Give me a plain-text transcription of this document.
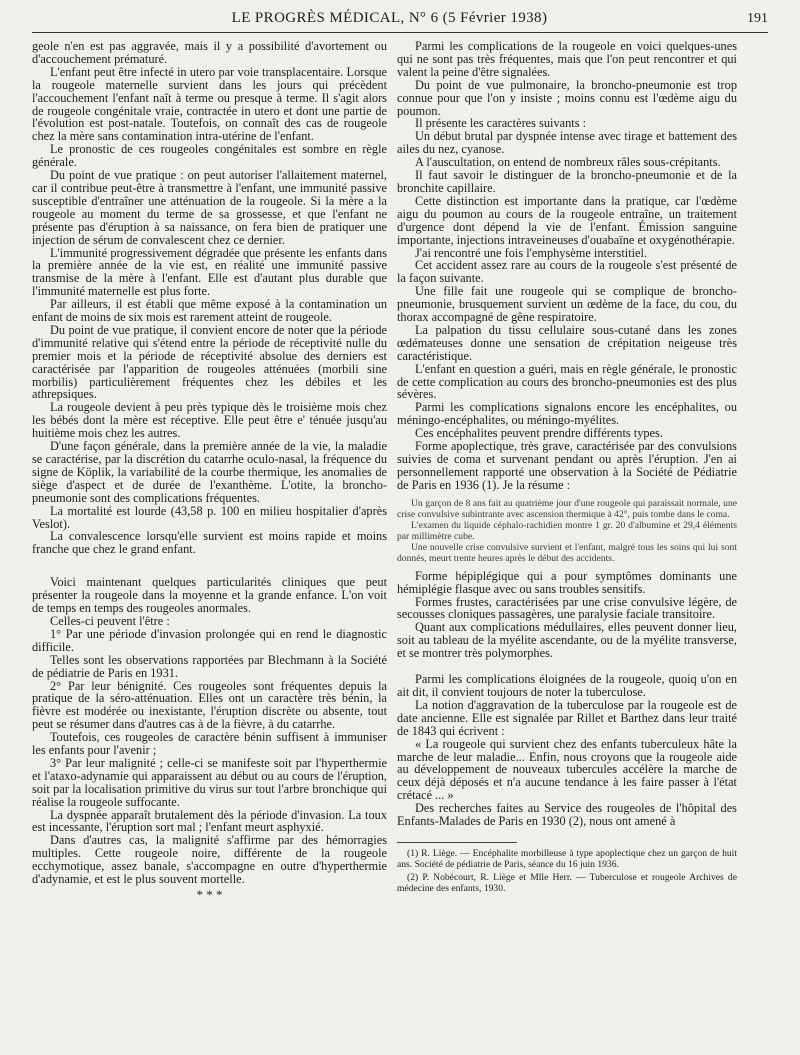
LE PROGRÈS MÉDICAL, N° 6 (5 Février 1938)	191

geole n'en est pas aggravée, mais il y a possibilité d'avortement ou d'accouchement prématuré.

L'enfant peut être infecté in utero par voie transplacentaire. Lorsque la rougeole maternelle survient dans les jours qui précèdent l'accouchement l'enfant naît à terme ou presque à terme. Il s'agit alors de rougeole congénitale vraie, contractée in utero et dont une partie de l'évolution est post-natale. Toutefois, on connaît des cas de rougeole chez la mère sans contamination intra-utérine de l'enfant.

Le pronostic de ces rougeoles congénitales est sombre en règle générale.

Du point de vue pratique : on peut autoriser l'allaitement maternel, car il contribue peut-être à transmettre à l'enfant, une immunité passive susceptible d'entraîner une atténuation de la rougeole. Si la mère a la rougeole au moment du terme de sa grossesse, et que l'enfant ne présente pas d'éruption à sa naissance, on fera bien de pratiquer une injection de sérum de convalescent chez ce dernier.

L'immunité progressivement dégradée que présente les enfants dans la première année de la vie est, en réalité une immunité passive transmise de la mère à l'enfant. Elle est d'autant plus durable que l'immunité maternelle est plus forte.

Par ailleurs, il est établi que même exposé à la contamination un enfant de moins de six mois est rarement atteint de rougeole.

Du point de vue pratique, il convient encore de noter que la période d'immunité relative qui s'étend entre la période de réceptivité nulle du premier mois et la période de réceptivité absolue des derniers est caractérisée par l'apparition de rougeoles atténuées (morbili sine morbilis) particulièrement fréquentes chez les débiles et les athrepsiques.

La rougeole devient à peu près typique dès le troisième mois chez les bébés dont la mère est réceptive. Elle peut être e' ténuée jusqu'au huitième mois chez les autres.

D'une façon générale, dans la première année de la vie, la maladie se caractérise, par la discrétion du catarrhe oculo-nasal, la fréquence du signe de Köplik, la variabilité de la courbe thermique, les anomalies de siège d'aspect et de durée de l'exanthème. L'otite, la broncho-pneumonie sont des complications fréquentes.

La mortalité est lourde (43,58 p. 100 en milieu hospitalier d'après Veslot).

La convalescence lorsqu'elle survient est moins rapide et moins franche que chez le grand enfant.

Voici maintenant quelques particularités cliniques que peut présenter la rougeole dans la moyenne et la grande enfance. L'on voit de temps en temps des rougeoles anormales.

Celles-ci peuvent l'être :

1° Par une période d'invasion prolongée qui en rend le diagnostic difficile.

Telles sont les observations rapportées par Blechmann à la Société de pédiatrie de Paris en 1931.

2° Par leur bénignité. Ces rougeoles sont fréquentes depuis la pratique de la séro-atténuation. Elles ont un caractère très bénin, la fièvre est modérée ou inexistante, l'éruption discrète ou absente, tout peut se résumer dans d'autres cas à de la fièvre, à du catarrhe.

Toutefois, ces rougeoles de caractère bénin suffisent à immuniser les enfants pour l'avenir ;

3° Par leur malignité ; celle-ci se manifeste soit par l'hyperthermie et l'ataxo-adynamie qui apparaissent au début ou au cours de l'éruption, soit par la localisation primitive du virus sur tout l'arbre bronchique qui réalise la rougeole suffocante.

La dyspnée apparaît brutalement dès la période d'invasion. La toux est incessante, l'éruption sort mal ; l'enfant meurt asphyxié.

Dans d'autres cas, la malignité s'affirme par des hémorragies multiples. Cette rougeole noire, différente de la rougeole ecchymotique, assez banale, s'accompagne en outre d'hyperthermie d'adynamie, et est le plus souvent mortelle.

* * *

Parmi les complications de la rougeole en voici quelques-unes qui ne sont pas très fréquentes, mais que l'on peut rencontrer et qui valent la peine d'être signalées.

Du point de vue pulmonaire, la broncho-pneumonie est trop connue pour que l'on y insiste ; moins connu est l'œdème aigu du poumon.

Il présente les caractères suivants :

Un début brutal par dyspnée intense avec tirage et battement des ailes du nez, cyanose.

A l'auscultation, on entend de nombreux râles sous-crépitants.

Il faut savoir le distinguer de la broncho-pneumonie et de la bronchite capillaire.

Cette distinction est importante dans la pratique, car l'œdème aigu du poumon au cours de la rougeole entraîne, un traitement d'urgence dont dépend la vie de l'enfant. Émission sanguine importante, injections intraveineuses d'ouabaïne et oxygénothérapie.

J'ai rencontré une fois l'emphysème interstitiel.

Cet accident assez rare au cours de la rougeole s'est présenté de la façon suivante.

Une fille fait une rougeole qui se complique de broncho-pneumonie, brusquement survient un œdème de la face, du cou, du thorax accompagné de gêne respiratoire.

La palpation du tissu cellulaire sous-cutané dans les zones œdémateuses donne une sensation de crépitation neigeuse très caractéristique.

L'enfant en question a guéri, mais en règle générale, le pronostic de cette complication au cours des broncho-pneumonies est des plus sévères.

Parmi les complications signalons encore les encéphalites, ou méningo-encéphalites, ou méningo-myélites.

Ces encéphalites peuvent prendre différents types.

Forme apoplectique, très grave, caractérisée par des convulsions suivies de coma et survenant pendant ou après l'éruption. J'en ai personnellement rapporté une observation à la Société de Pédiatrie de Paris en 1936 (1). Je la résume :

Un garçon de 8 ans fait au quatrième jour d'une rougeole qui paraissait normale, une crise convulsive subintrante avec ascension thermique à 42°, puis tombe dans le coma.

L'examen du liquide céphalo-rachidien montre 1 gr. 20 d'albumine et 29,4 éléments par millimètre cube.

Une nouvelle crise convulsive survient et l'enfant, malgré tous les soins qui lui sont donnés, meurt trente heures après le début des accidents.

Forme hépiplégique qui a pour symptômes dominants une hémiplégie flasque avec ou sans troubles sensitifs.

Formes frustes, caractérisées par une crise convulsive légère, de secousses cloniques passagères, une paralysie faciale transitoire.

Quant aux complications médullaires, elles peuvent donner lieu, soit au tableau de la myélite ascendante, ou de la myélite transverse, et se montrer très polymorphes.

Parmi les complications éloignées de la rougeole, quoiq u'on en ait dit, il convient toujours de noter la tuberculose.

La notion d'aggravation de la tuberculose par la rougeole est de date ancienne. Elle est signalée par Rillet et Barthez dans leur traité de 1843 qui écrivent :

« La rougeole qui survient chez des enfants tuberculeux hâte la marche de leur maladie... Enfin, nous croyons que la rougeole aide au développement de nouveaux tubercules accélère la marche de ceux déjà déposés et n'a aucune tendance à les faire passer à l'état crétacé ... »

Des recherches faites au Service des rougeoles de l'hôpital des Enfants-Malades de Paris en 1930 (2), nous ont amené à

(1) R. Liège. — Encéphalite morbilleuse à type apoplectique chez un garçon de huit ans. Société de pédiatrie de Paris, séance du 16 juin 1936.

(2) P. Nobécourt, R. Liège et Mlle Herr. — Tuberculose et rougeole Archives de médecine des enfants, 1930.
